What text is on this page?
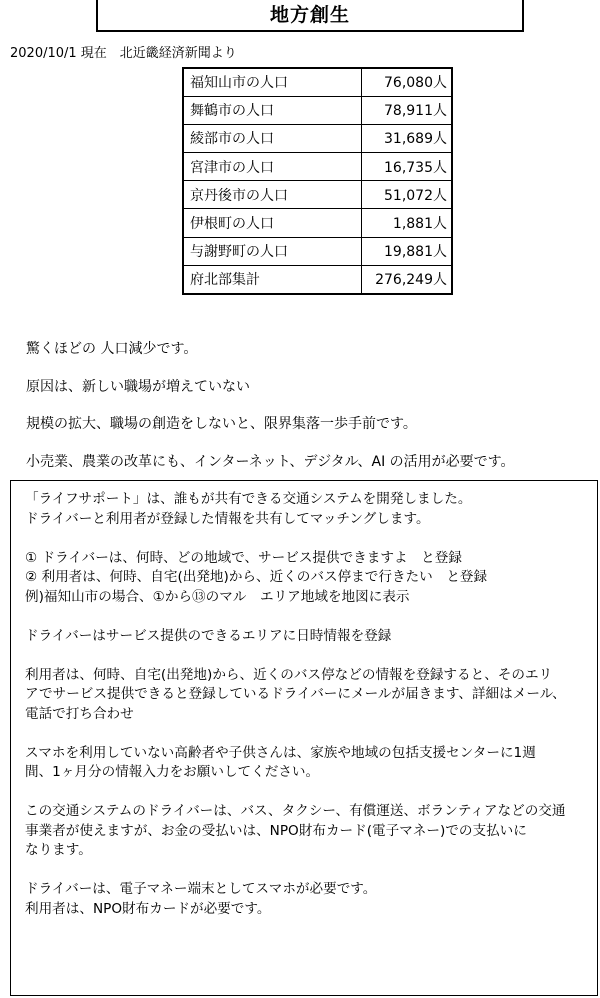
地方創生
2020/10/1 現在　北近畿経済新聞より
福知山市の人口	76,080人
舞鶴市の人口	78,911人
綾部市の人口	31,689人
宮津市の人口	16,735人
京丹後市の人口	51,072人
伊根町の人口	1,881人
与謝野町の人口	19,881人
府北部集計	276,249人

驚くほどの 人口減少です。

原因は、新しい職場が増えていない

規模の拡大、職場の創造をしないと、限界集落一歩手前です。

小売業、農業の改革にも、インターネット、デジタル、AI の活用が必要です。

「ライフサポート」は、誰もが共有できる交通システムを開発しました。
ドライバーと利用者が登録した情報を共有してマッチングします。
① ドライバーは、何時、どの地域で、サービス提供できますよ　と登録
② 利用者は、何時、自宅(出発地)から、近くのバス停まで行きたい　と登録
例)福知山市の場合、①から⑬のマル　エリア地域を地図に表示
ドライバーはサービス提供のできるエリアに日時情報を登録
利用者は、何時、自宅(出発地)から、近くのバス停などの情報を登録すると、そのエリ
アでサービス提供できると登録しているドライバーにメールが届きます、詳細はメール、
電話で打ち合わせ
スマホを利用していない高齢者や子供さんは、家族や地域の包括支援センターに1週
間、1ヶ月分の情報入力をお願いしてください。
この交通システムのドライバーは、バス、タクシー、有償運送、ボランティアなどの交通
事業者が使えますが、お金の受払いは、NPO財布カード(電子マネー)での支払いに
なります。
ドライバーは、電子マネー端末としてスマホが必要です。
利用者は、NPO財布カードが必要です。
